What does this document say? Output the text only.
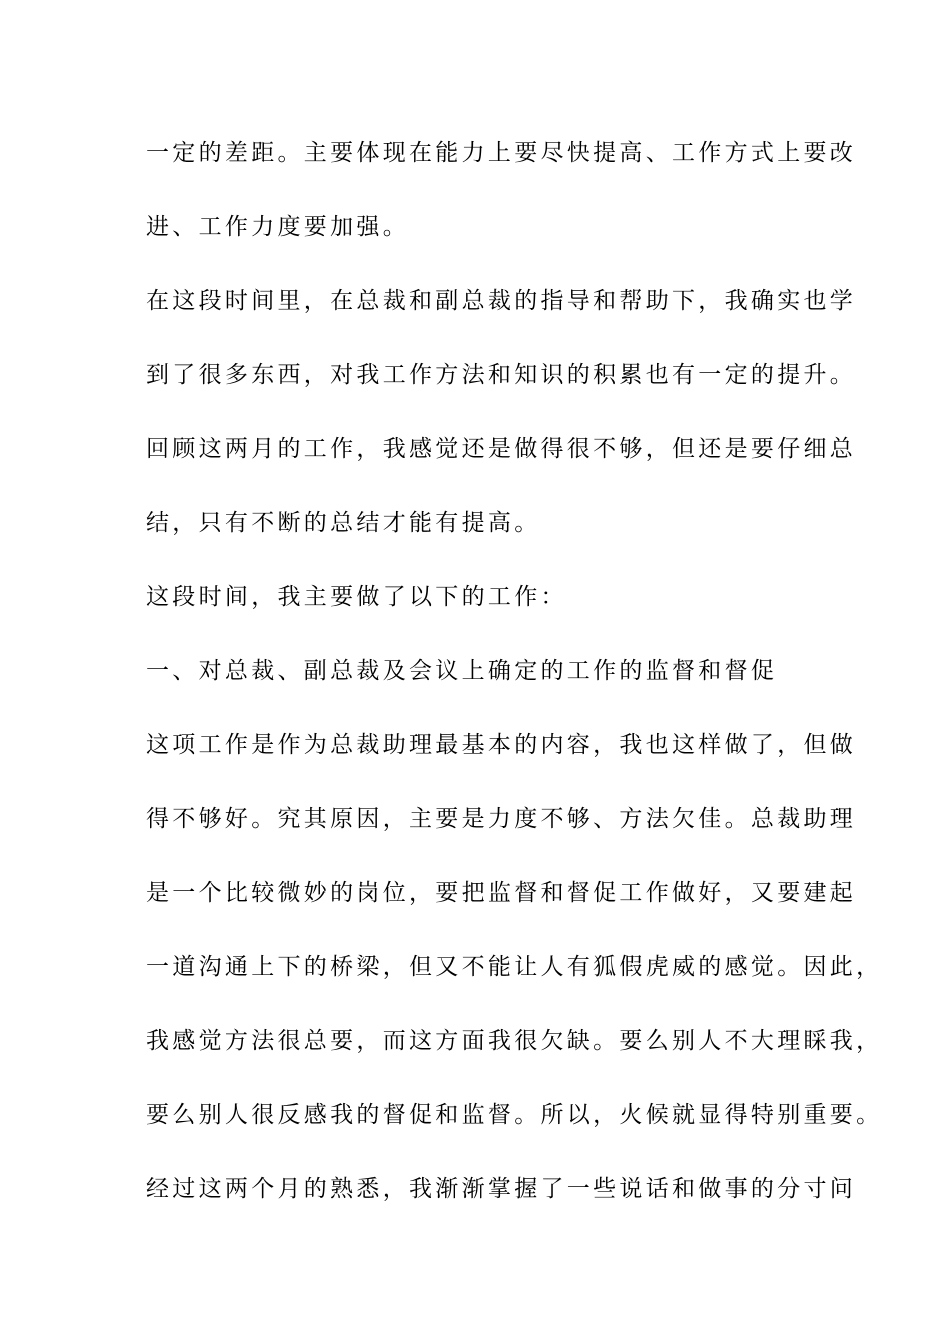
一定的差距。主要体现在能力上要尽快提高、工作方式上要改

进、工作力度要加强。

在这段时间里，在总裁和副总裁的指导和帮助下，我确实也学

到了很多东西，对我工作方法和知识的积累也有一定的提升。

回顾这两月的工作，我感觉还是做得很不够，但还是要仔细总

结，只有不断的总结才能有提高。

这段时间，我主要做了以下的工作：

一、对总裁、副总裁及会议上确定的工作的监督和督促

这项工作是作为总裁助理最基本的内容，我也这样做了，但做

得不够好。究其原因，主要是力度不够、方法欠佳。总裁助理

是一个比较微妙的岗位，要把监督和督促工作做好，又要建起

一道沟通上下的桥梁，但又不能让人有狐假虎威的感觉。因此，

我感觉方法很总要，而这方面我很欠缺。要么别人不大理睬我，

要么别人很反感我的督促和监督。所以，火候就显得特别重要。

经过这两个月的熟悉，我渐渐掌握了一些说话和做事的分寸问
